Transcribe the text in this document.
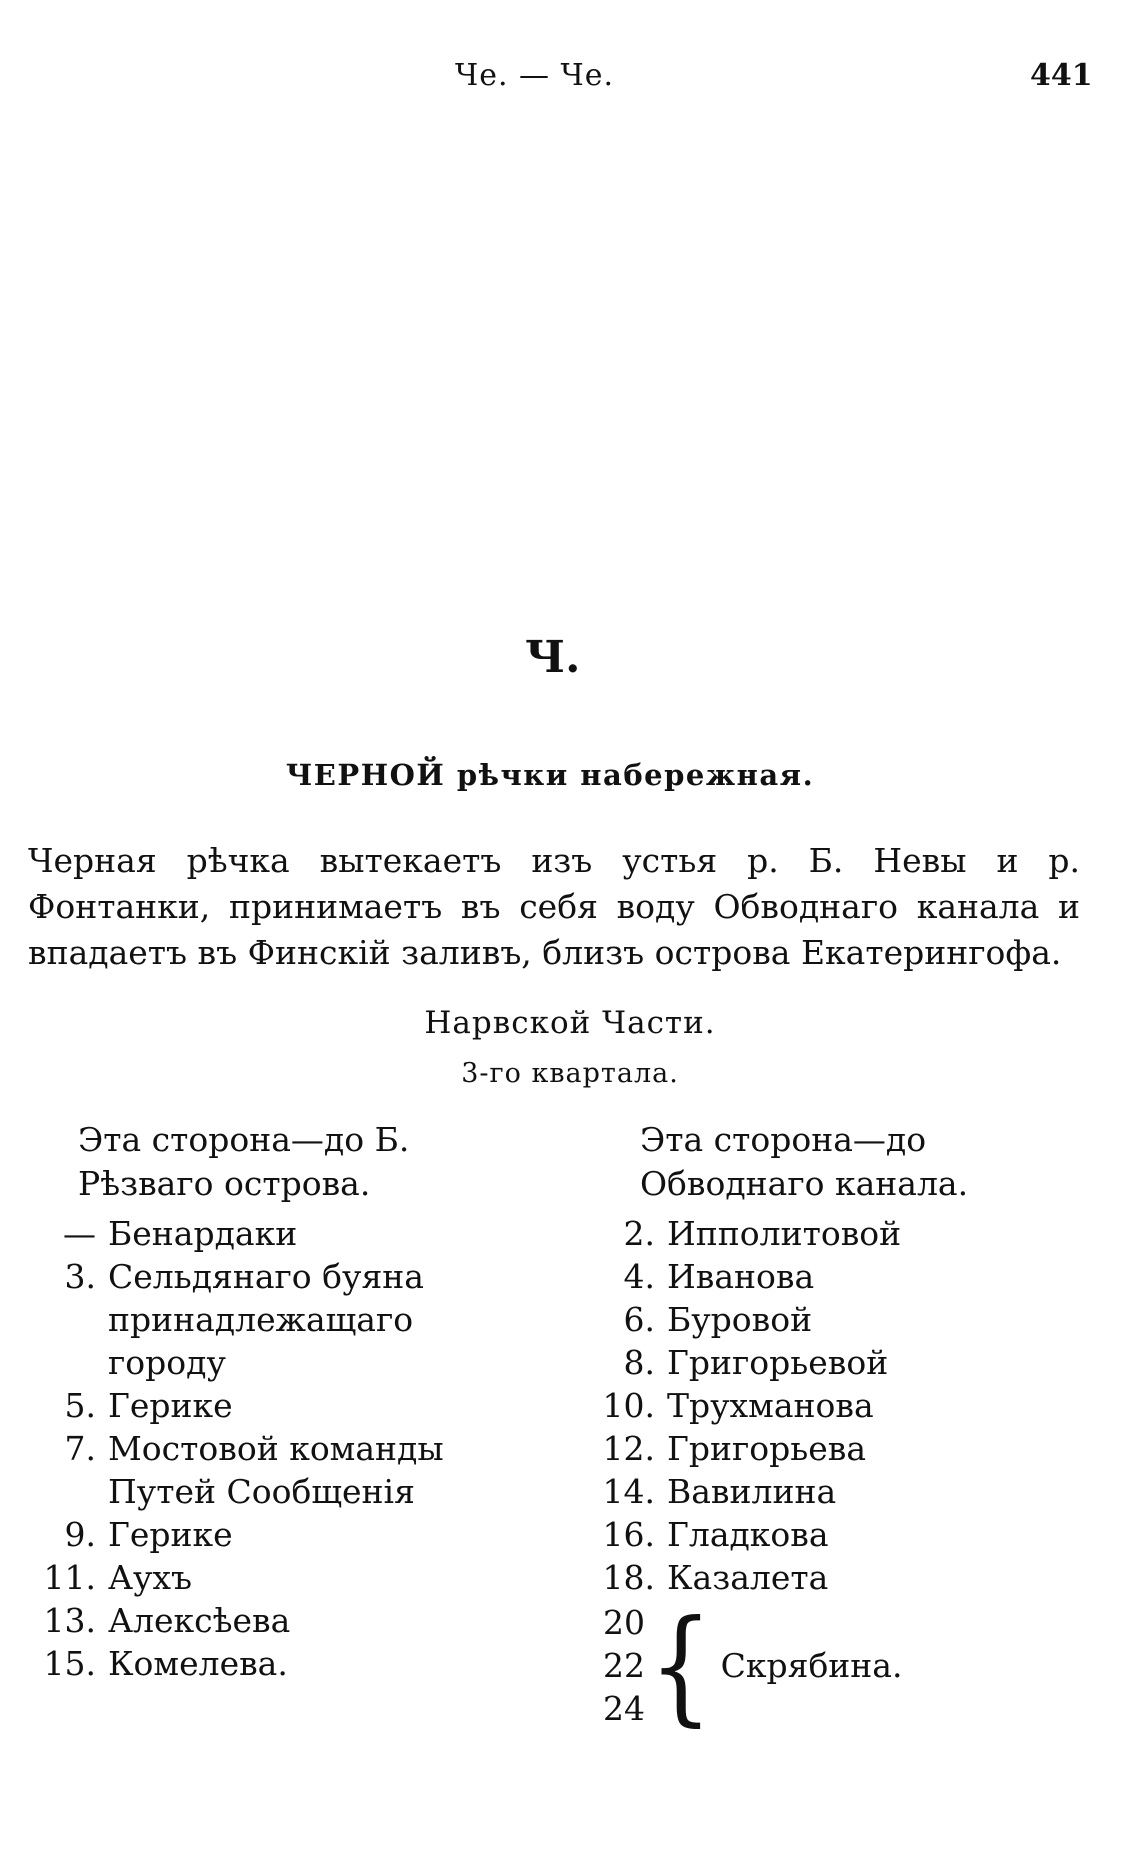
Че. — Че.	441
Ч.
ЧЕРНОЙ рѣчки набережная.
Черная рѣчка вытекаетъ изъ устья р. Б. Невы и р. Фонтанки, принимаетъ въ себя воду Обводнаго канала и впадаетъ въ Финскій заливъ, близъ острова Екатерингофа.
Нарвской Части.
3-го квартала.
Эта сторона—до Б. Рѣзваго острова.
— Бенардаки
3. Сельдянаго буяна принадлежащаго городу
5. Герике
7. Мостовой команды Путей Сообщенія
9. Герике
11. Аухъ
13. Алексѣева
15. Комелева.
Эта сторона—до Обводнаго канала.
2. Ипполитовой
4. Иванова
6. Буровой
8. Григорьевой
10. Трухманова
12. Григорьева
14. Вавилина
16. Гладкова
18. Казалета
20
22
24 { Скрябина.
